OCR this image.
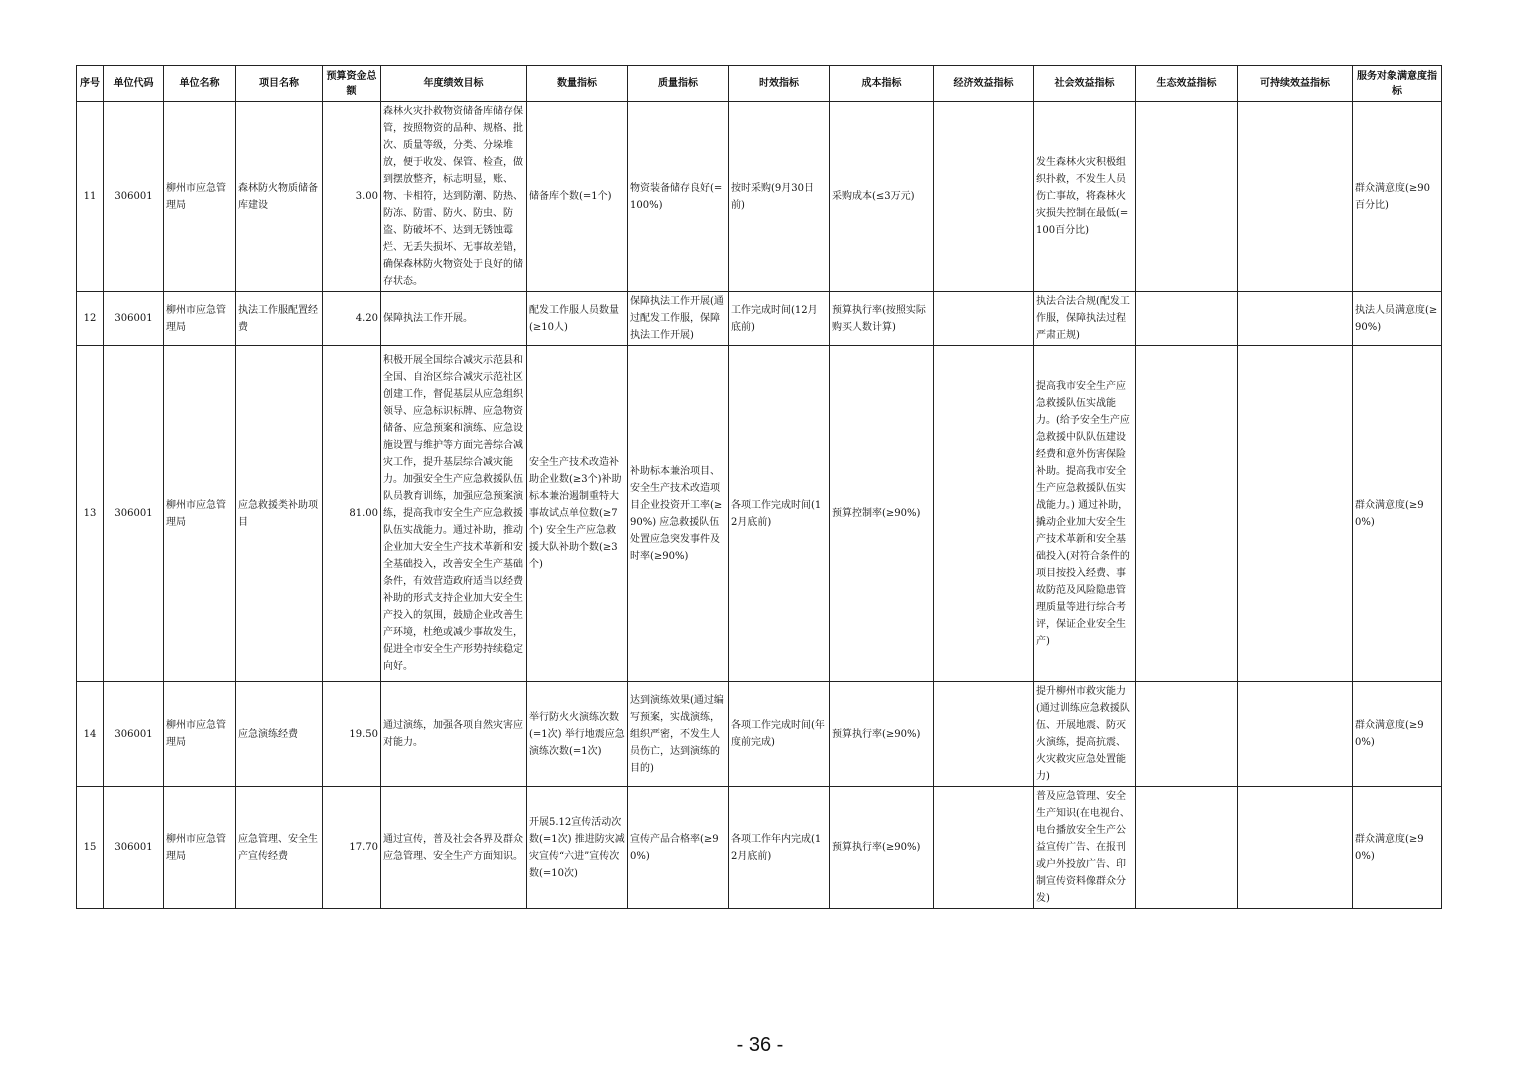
序号	单位代码	单位名称	项目名称	预算资金总额	年度绩效目标	数量指标	质量指标	时效指标	成本指标	经济效益指标	社会效益指标	生态效益指标	可持续效益指标	服务对象满意度指标
11	306001	柳州市应急管理局	森林防火物质储备库建设	3.00	森林火灾扑救物资储备库储存保管，按照物资的品种、规格、批次、质量等级，分类、分垛堆放，便于收发、保管、检查，做到摆放整齐，标志明显，账、物、卡相符，达到防潮、防热、防冻、防雷、防火、防虫、防盗、防破坏不、达到无锈蚀霉烂、无丢失损坏、无事故差错，确保森林防火物资处于良好的储存状态。	储备库个数(=1个)	物资装备储存良好(=100%)	按时采购(9月30日前)	采购成本(≤3万元)		发生森林火灾积极组织扑救，不发生人员伤亡事故，将森林火灾损失控制在最低(=100百分比)			群众满意度(≥90百分比)
12	306001	柳州市应急管理局	执法工作服配置经费	4.20	保障执法工作开展。	配发工作服人员数量(≥10人)	保障执法工作开展(通过配发工作服，保障执法工作开展)	工作完成时间(12月底前)	预算执行率(按照实际购买人数计算)		执法合法合规(配发工作服，保障执法过程严肃正规)			执法人员满意度(≥90%)
13	306001	柳州市应急管理局	应急救援类补助项目	81.00	积极开展全国综合减灾示范县和全国、自治区综合减灾示范社区创建工作，督促基层从应急组织领导、应急标识标牌、应急物资储备、应急预案和演练、应急设施设置与维护等方面完善综合减灾工作，提升基层综合减灾能力。加强安全生产应急救援队伍队员教育训练，加强应急预案演练，提高我市安全生产应急救援队伍实战能力。通过补助，推动企业加大安全生产技术革新和安全基础投入，改善安全生产基础条件，有效营造政府适当以经费补助的形式支持企业加大安全生产投入的氛围，鼓励企业改善生产环境，杜绝或减少事故发生，促进全市安全生产形势持续稳定向好。	安全生产技术改造补助企业数(≥3个)补助标本兼治遏制重特大事故试点单位数(≥7个) 安全生产应急救援大队补助个数(≥3个)	补助标本兼治项目、安全生产技术改造项目企业投资开工率(≥90%) 应急救援队伍处置应急突发事件及时率(≥90%)	各项工作完成时间(12月底前)	预算控制率(≥90%)		提高我市安全生产应急救援队伍实战能力。(给予安全生产应急救援中队队伍建设经费和意外伤害保险补助。提高我市安全生产应急救援队伍实战能力。) 通过补助，撬动企业加大安全生产技术革新和安全基础投入(对符合条件的项目按投入经费、事故防范及风险隐患管理质量等进行综合考评，保证企业安全生产)			群众满意度(≥90%)
14	306001	柳州市应急管理局	应急演练经费	19.50	通过演练，加强各项自然灾害应对能力。	举行防火火演练次数(=1次) 举行地震应急演练次数(=1次)	达到演练效果(通过编写预案，实战演练，组织严密，不发生人员伤亡，达到演练的目的)	各项工作完成时间(年度前完成)	预算执行率(≥90%)		提升柳州市救灾能力(通过训练应急救援队伍、开展地震、防灭火演练，提高抗震、火灾救灾应急处置能力)			群众满意度(≥90%)
15	306001	柳州市应急管理局	应急管理、安全生产宣传经费	17.70	通过宣传，普及社会各界及群众应急管理、安全生产方面知识。	开展5.12宣传活动次数(=1次) 推进防灾减灾宣传“六进”宣传次数(=10次)	宣传产品合格率(≥90%)	各项工作年内完成(12月底前)	预算执行率(≥90%)		普及应急管理、安全生产知识(在电视台、电台播放安全生产公益宣传广告、在报刊或户外投放广告、印制宣传资料像群众分发)			群众满意度(≥90%)
- 36 -
